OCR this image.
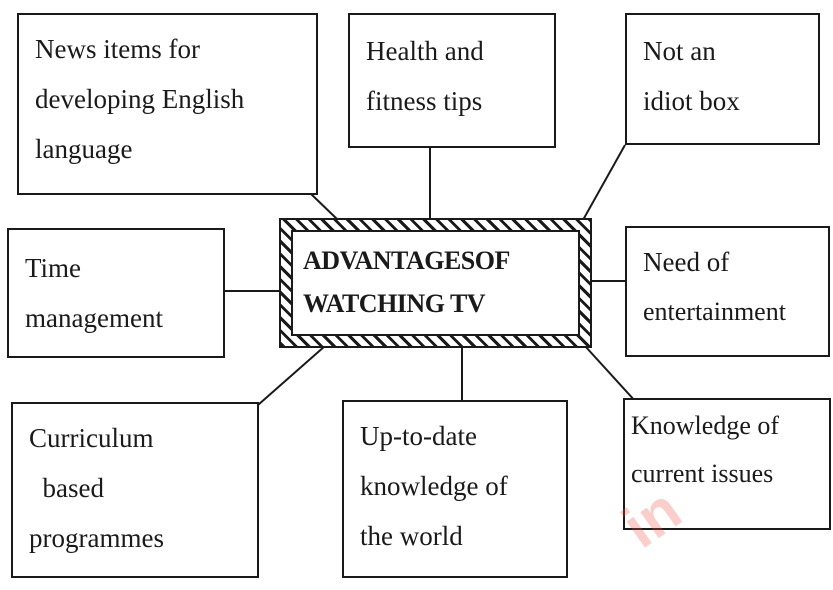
News items for
developing English
language
Health and
fitness tips
Not an
idiot box
Time
management
ADVANTAGESOF
WATCHING TV
Need of
entertainment
Curriculum
based
programmes
Up-to-date
knowledge of
the world
Knowledge of
current issues
in
